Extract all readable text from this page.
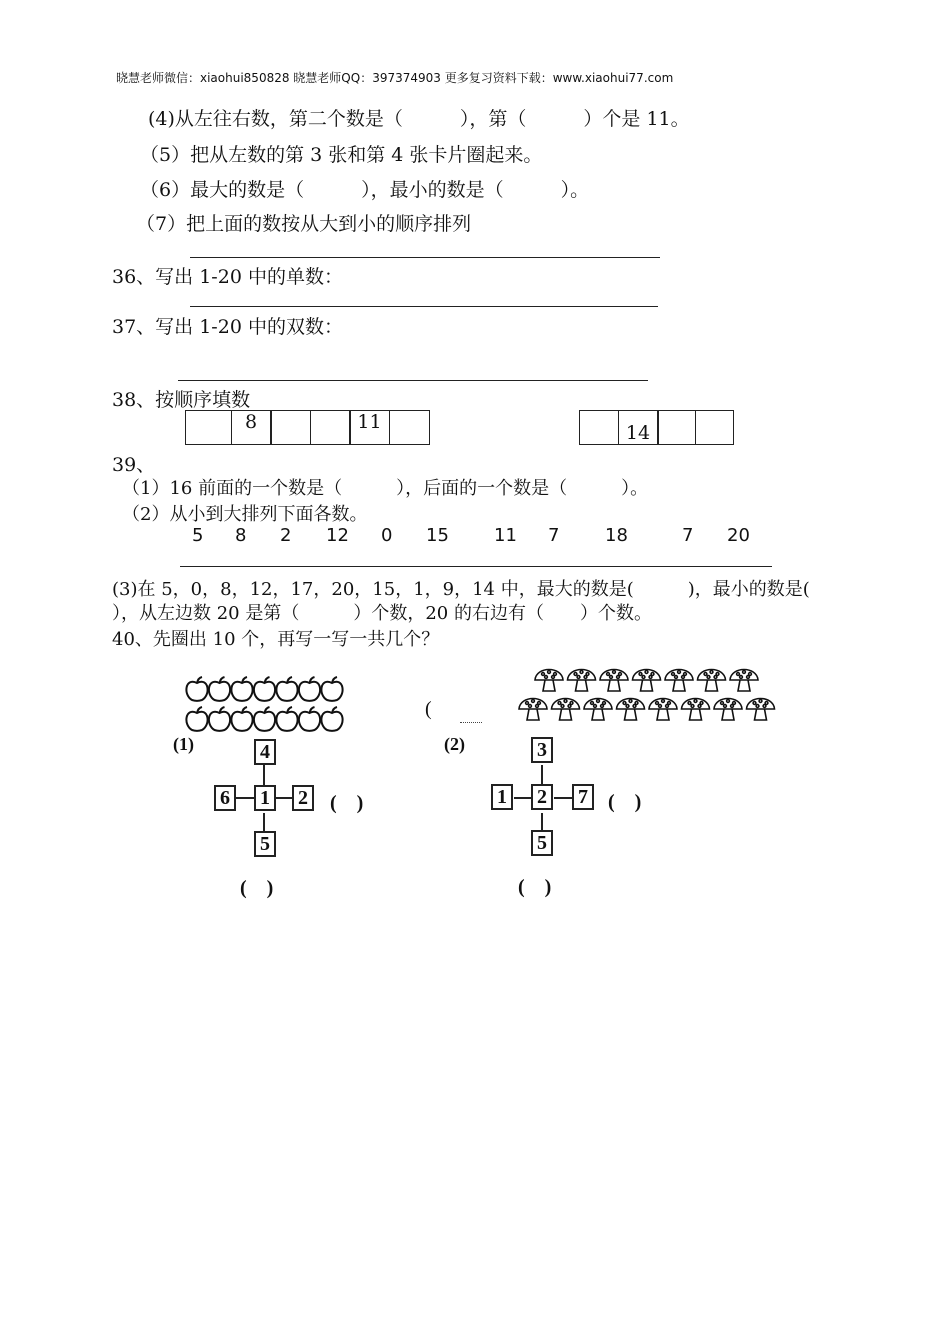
晓慧老师微信：xiaohui850828 晓慧老师QQ：397374903 更多复习资料下载：www.xiaohui77.com
(4)从左往右数，第二个数是（　　　），第（　　　）个是 11。
（5）把从左数的第 3 张和第 4 张卡片圈起来。
（6）最大的数是（　　　），最小的数是（　　　）。
（7）把上面的数按从大到小的顺序排列
36、写出 1-20 中的单数：
37、写出 1-20 中的双数：
38、按顺序填数
8	11	14
39、
（1）16 前面的一个数是（　　　），后面的一个数是（　　　）。
（2）从小到大排列下面各数。
5 8 2 12 0 15	11 7	18	7 20
(3)在 5，0，8，12，17，20，15，1，9，14 中，最大的数是(　　　)，最小的数是(
），从左边数 20 是第（　　　）个数，20 的右边有（　　）个数。
40、先圈出 10 个，再写一写一共几个？
(
(1)	4
6	1	2
5
(　)
(　)
(2)	3
1	2	7
5
(　)
(　)
